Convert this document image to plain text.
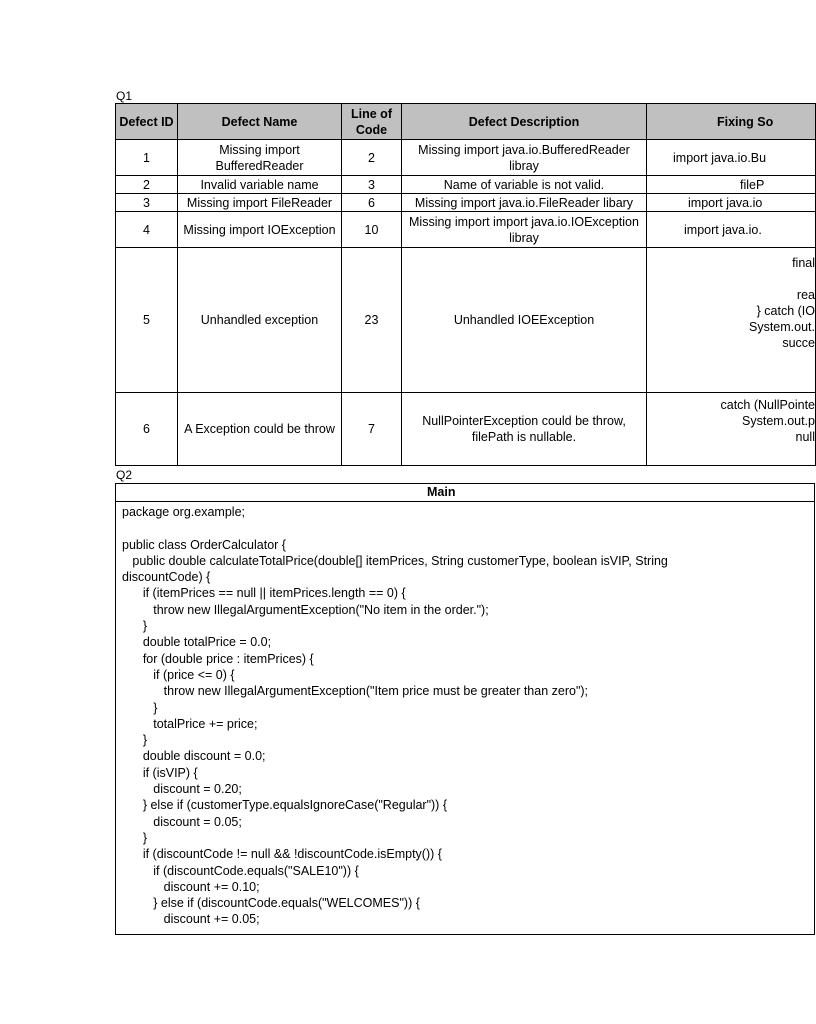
Q1
Defect ID	Defect Name	Line of Code	Defect Description	Fixing So
1	Missing import BufferedReader	2	Missing import java.io.BufferedReader libray	import java.io.Bu
2	Invalid variable name	3	Name of variable is not valid.	fileP
3	Missing import FileReader	6	Missing import java.io.FileReader libary	import java.io
4	Missing import IOException	10	Missing import import java.io.IOException libray	import java.io.
5	Unhandled exception	23	Unhandled IOEException	final

rea
} catch (IO
System.out.
succe
6	A Exception could be throw	7	NullPointerException could be throw, filePath is nullable.	catch (NullPointe
System.out.p
null
Q2
Main
package org.example;
public class OrderCalculator {
public double calculateTotalPrice(double[] itemPrices, String customerType, boolean isVIP, String
discountCode) {
if (itemPrices == null || itemPrices.length == 0) {
throw new IllegalArgumentException("No item in the order.");
}
double totalPrice = 0.0;
for (double price : itemPrices) {
if (price <= 0) {
throw new IllegalArgumentException("Item price must be greater than zero");
}
totalPrice += price;
}
double discount = 0.0;
if (isVIP) {
discount = 0.20;
} else if (customerType.equalsIgnoreCase("Regular")) {
discount = 0.05;
}
if (discountCode != null && !discountCode.isEmpty()) {
if (discountCode.equals("SALE10")) {
discount += 0.10;
} else if (discountCode.equals("WELCOMES")) {
discount += 0.05;
